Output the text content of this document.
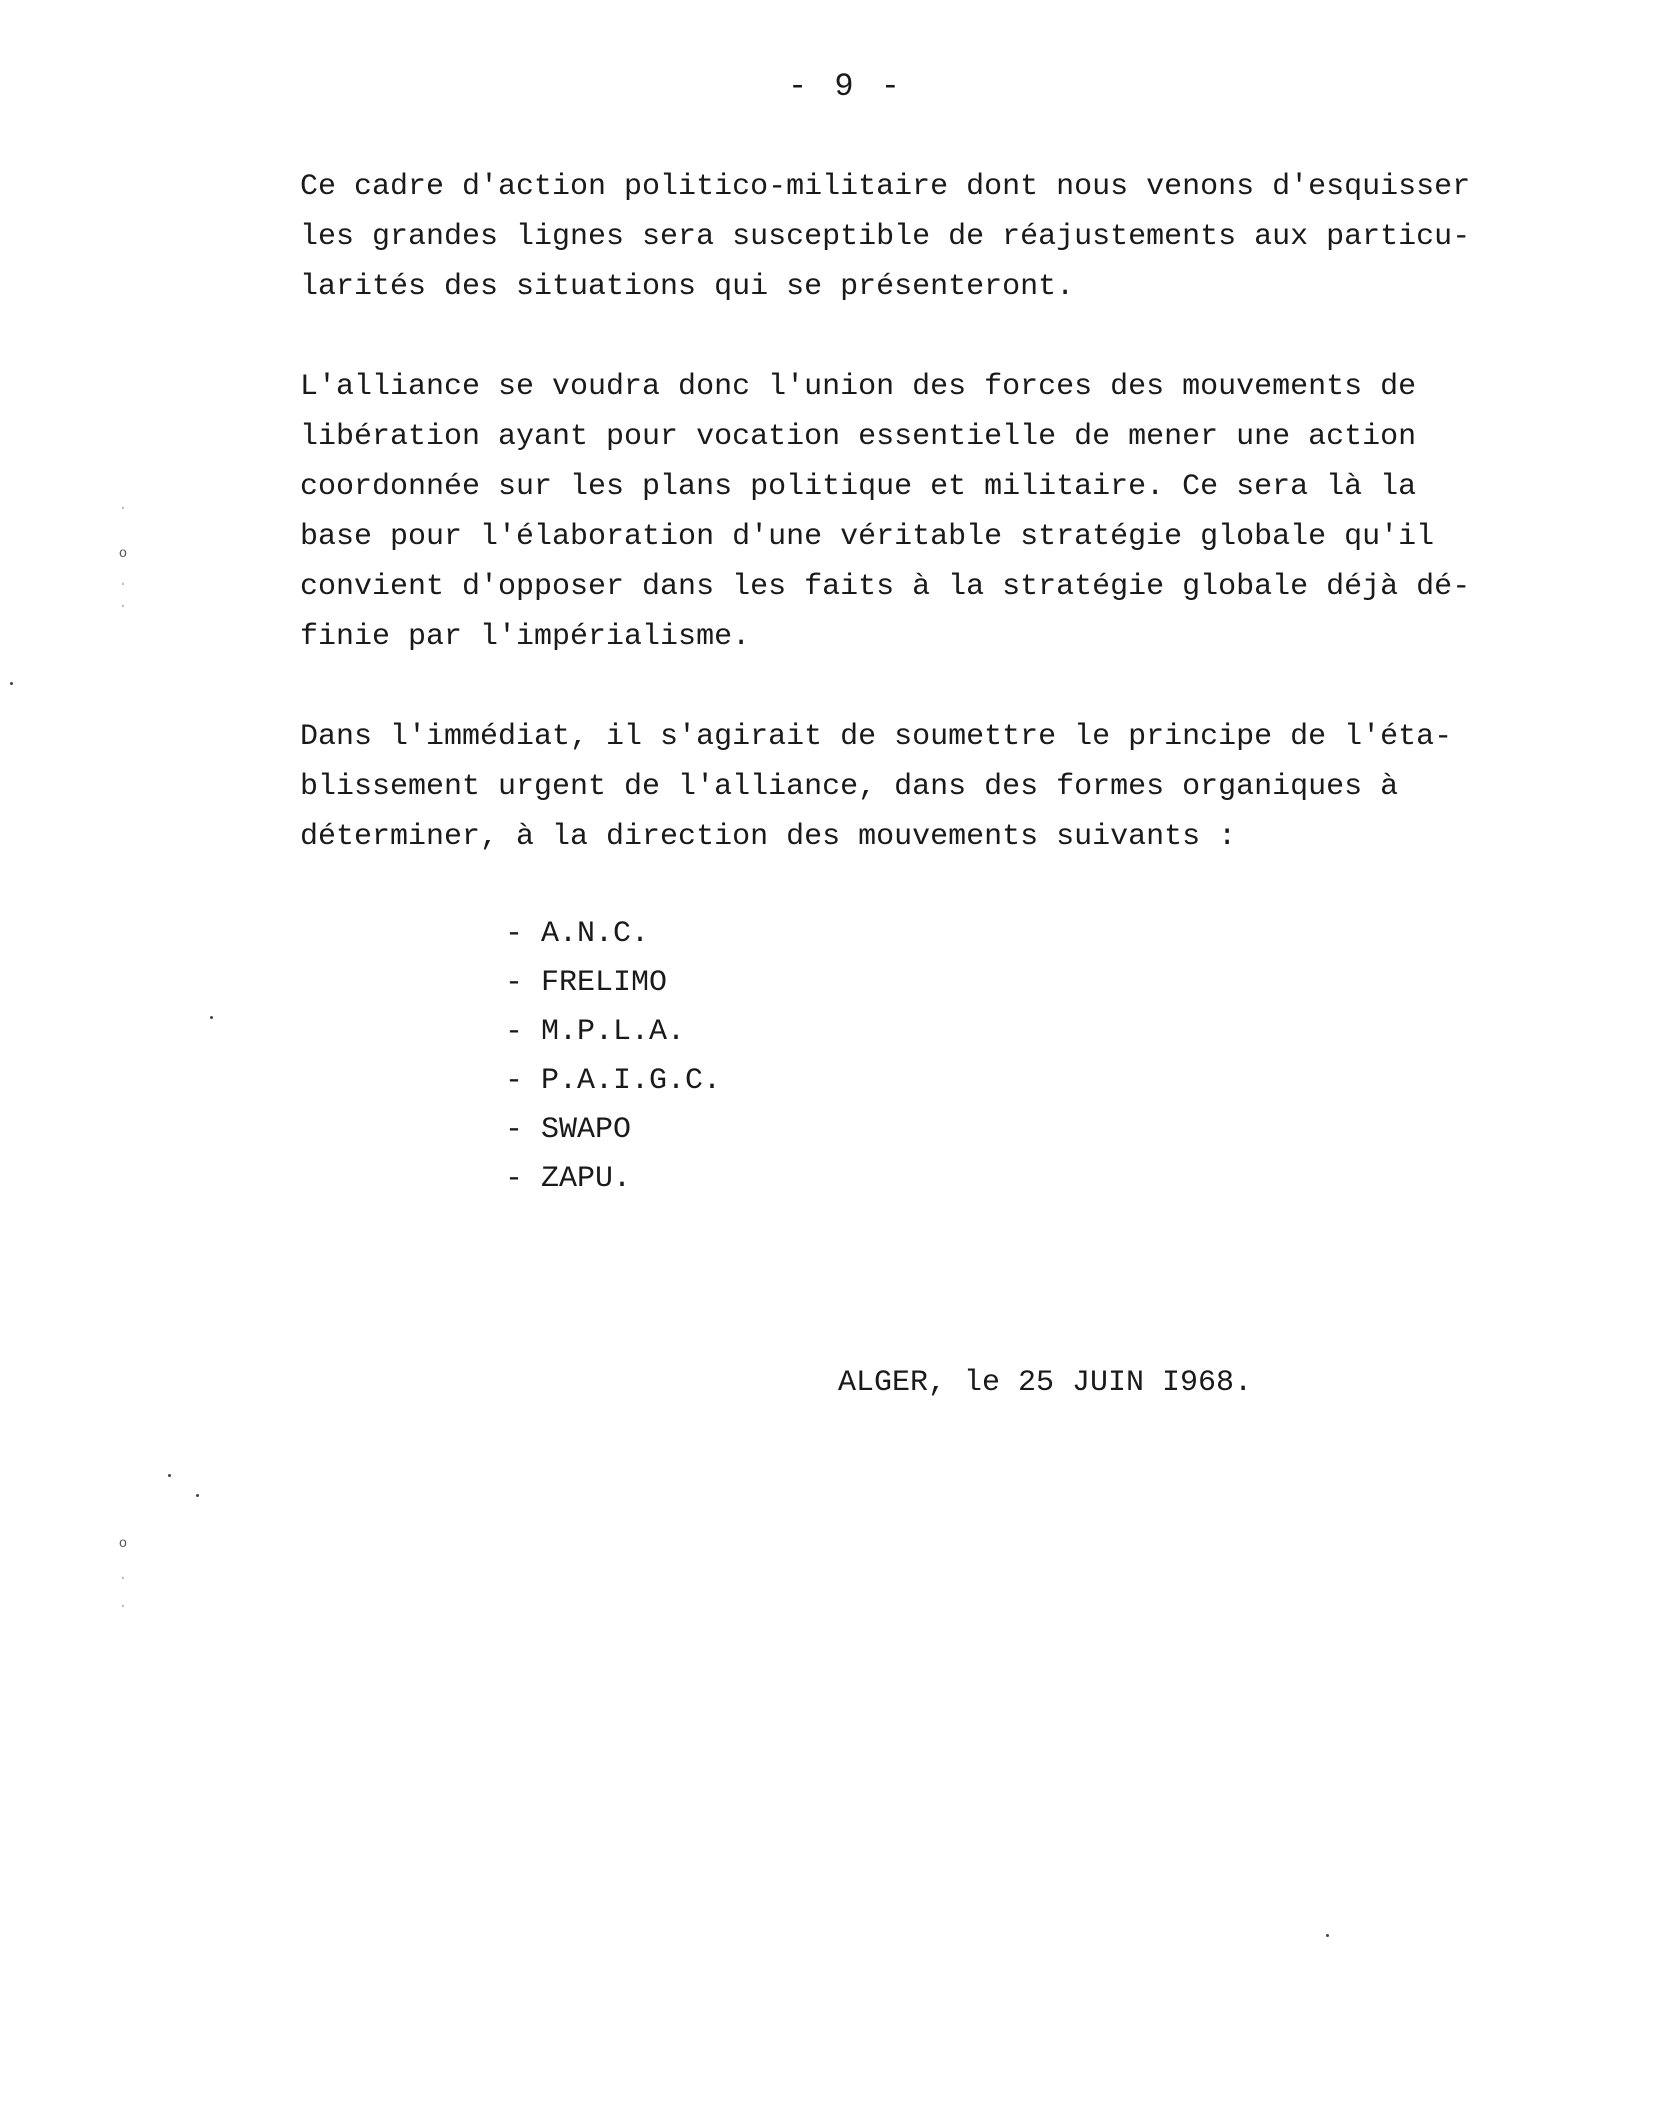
- 9 -

Ce cadre d'action politico-militaire dont nous venons d'esquisser
les grandes lignes sera susceptible de réajustements aux particu-
larités des situations qui se présenteront.

L'alliance se voudra donc l'union des forces des mouvements de
libération ayant pour vocation essentielle de mener une action
coordonnée sur les plans politique et militaire. Ce sera là la
base pour l'élaboration d'une véritable stratégie globale qu'il
convient d'opposer dans les faits à la stratégie globale déjà dé-
finie par l'impérialisme.

Dans l'immédiat, il s'agirait de soumettre le principe de l'éta-
blissement urgent de l'alliance, dans des formes organiques à
déterminer, à la direction des mouvements suivants :

- A.N.C.
- FRELIMO
- M.P.L.A.
- P.A.I.G.C.
- SWAPO
- ZAPU.
ALGER, le 25 JUIN I968.
ˈ
o
ˈ
ˈ
o
ˈ
ˈ
